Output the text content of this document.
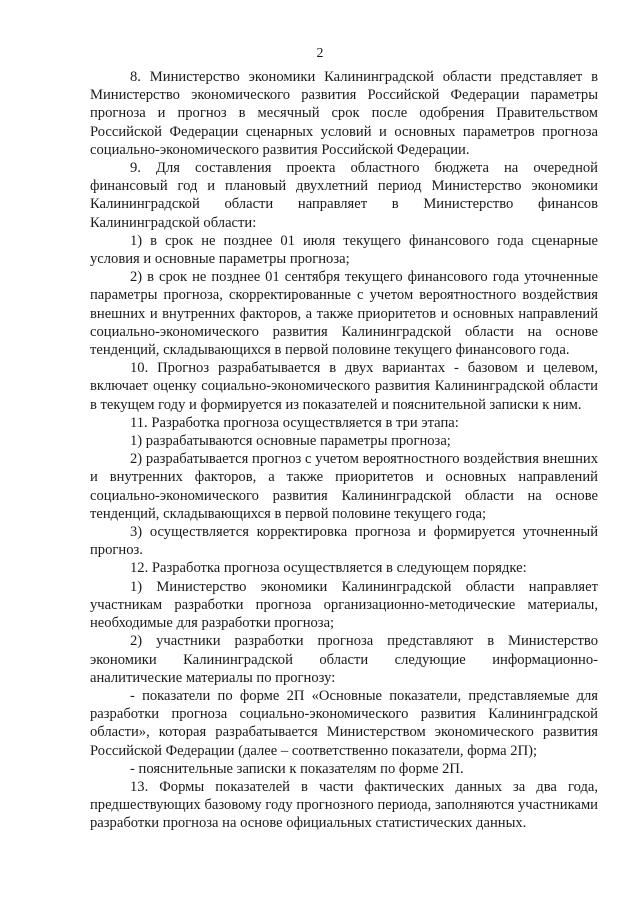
2

8. Министерство экономики Калининградской области представляет в Министерство экономического развития Российской Федерации параметры прогноза и прогноз в месячный срок после одобрения Правительством Российской Федерации сценарных условий и основных параметров прогноза социально-экономического развития Российской Федерации.

9. Для составления проекта областного бюджета на очередной финансовый год и плановый двухлетний период Министерство экономики Калининградской области направляет в Министерство финансов Калининградской области:

1) в срок не позднее 01 июля текущего финансового года сценарные условия и основные параметры прогноза;

2) в срок не позднее 01 сентября текущего финансового года уточненные параметры прогноза, скорректированные с учетом вероятностного воздействия внешних и внутренних факторов, а также приоритетов и основных направлений социально-экономического развития Калининградской области на основе тенденций, складывающихся в первой половине текущего финансового года.

10. Прогноз разрабатывается в двух вариантах - базовом и целевом, включает оценку социально-экономического развития Калининградской области в текущем году и формируется из показателей и пояснительной записки к ним.

11. Разработка прогноза осуществляется в три этапа:

1) разрабатываются основные параметры прогноза;

2) разрабатывается прогноз с учетом вероятностного воздействия внешних и внутренних факторов, а также приоритетов и основных направлений социально-экономического развития Калининградской области на основе тенденций, складывающихся в первой половине текущего года;

3) осуществляется корректировка прогноза и формируется уточненный прогноз.

12. Разработка прогноза осуществляется в следующем порядке:

1) Министерство экономики Калининградской области направляет участникам разработки прогноза организационно-методические материалы, необходимые для разработки прогноза;

2) участники разработки прогноза представляют в Министерство экономики Калининградской области следующие информационно-аналитические материалы по прогнозу:

- показатели по форме 2П «Основные показатели, представляемые для разработки прогноза социально-экономического развития Калининградской области», которая разрабатывается Министерством экономического развития Российской Федерации (далее – соответственно показатели, форма 2П);

- пояснительные записки к показателям по форме 2П.

13. Формы показателей в части фактических данных за два года, предшествующих базовому году прогнозного периода, заполняются участниками разработки прогноза на основе официальных статистических данных.
